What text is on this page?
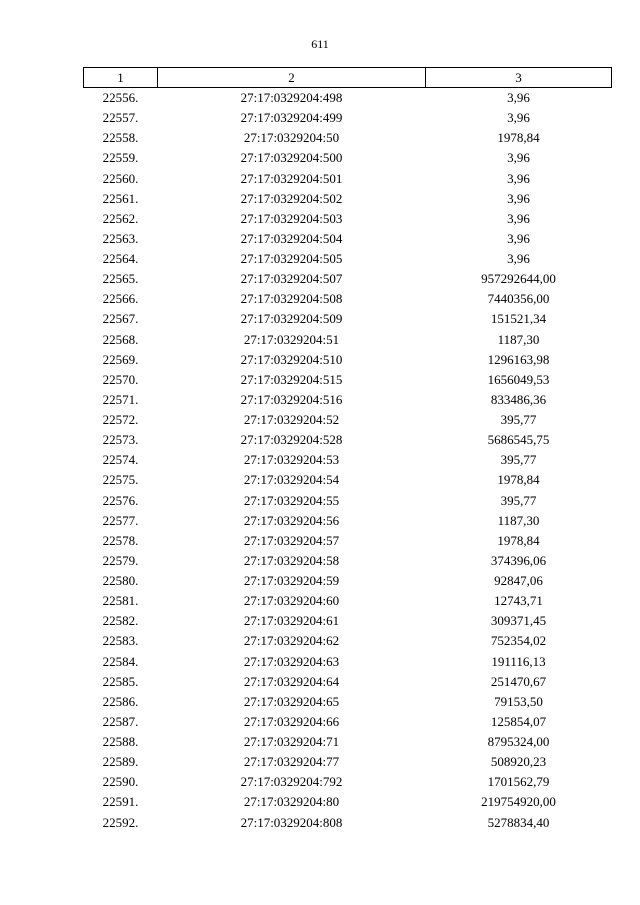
611
1	2	3
22556.	27:17:0329204:498	3,96
22557.	27:17:0329204:499	3,96
22558.	27:17:0329204:50	1978,84
22559.	27:17:0329204:500	3,96
22560.	27:17:0329204:501	3,96
22561.	27:17:0329204:502	3,96
22562.	27:17:0329204:503	3,96
22563.	27:17:0329204:504	3,96
22564.	27:17:0329204:505	3,96
22565.	27:17:0329204:507	957292644,00
22566.	27:17:0329204:508	7440356,00
22567.	27:17:0329204:509	151521,34
22568.	27:17:0329204:51	1187,30
22569.	27:17:0329204:510	1296163,98
22570.	27:17:0329204:515	1656049,53
22571.	27:17:0329204:516	833486,36
22572.	27:17:0329204:52	395,77
22573.	27:17:0329204:528	5686545,75
22574.	27:17:0329204:53	395,77
22575.	27:17:0329204:54	1978,84
22576.	27:17:0329204:55	395,77
22577.	27:17:0329204:56	1187,30
22578.	27:17:0329204:57	1978,84
22579.	27:17:0329204:58	374396,06
22580.	27:17:0329204:59	92847,06
22581.	27:17:0329204:60	12743,71
22582.	27:17:0329204:61	309371,45
22583.	27:17:0329204:62	752354,02
22584.	27:17:0329204:63	191116,13
22585.	27:17:0329204:64	251470,67
22586.	27:17:0329204:65	79153,50
22587.	27:17:0329204:66	125854,07
22588.	27:17:0329204:71	8795324,00
22589.	27:17:0329204:77	508920,23
22590.	27:17:0329204:792	1701562,79
22591.	27:17:0329204:80	219754920,00
22592.	27:17:0329204:808	5278834,40
